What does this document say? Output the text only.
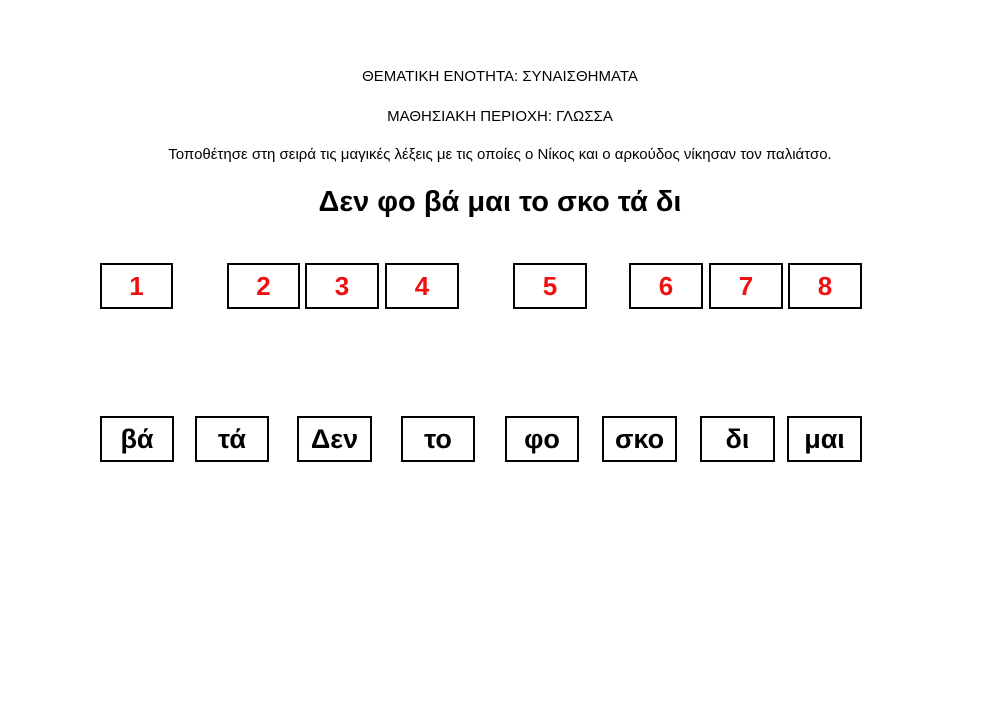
ΘΕΜΑΤΙΚΗ ΕΝΟΤΗΤΑ: ΣΥΝΑΙΣΘΗΜΑΤΑ
ΜΑΘΗΣΙΑΚΗ ΠΕΡΙΟΧΗ: ΓΛΩΣΣΑ
Τοποθέτησε στη σειρά τις μαγικές λέξεις με τις οποίες ο Νίκος και ο αρκούδος νίκησαν τον παλιάτσο.
Δεν φο βά μαι το σκο τά δι
1	2	3	4	5	6	7	8
βά	τά	Δεν	το	φο	σκο	δι	μαι
